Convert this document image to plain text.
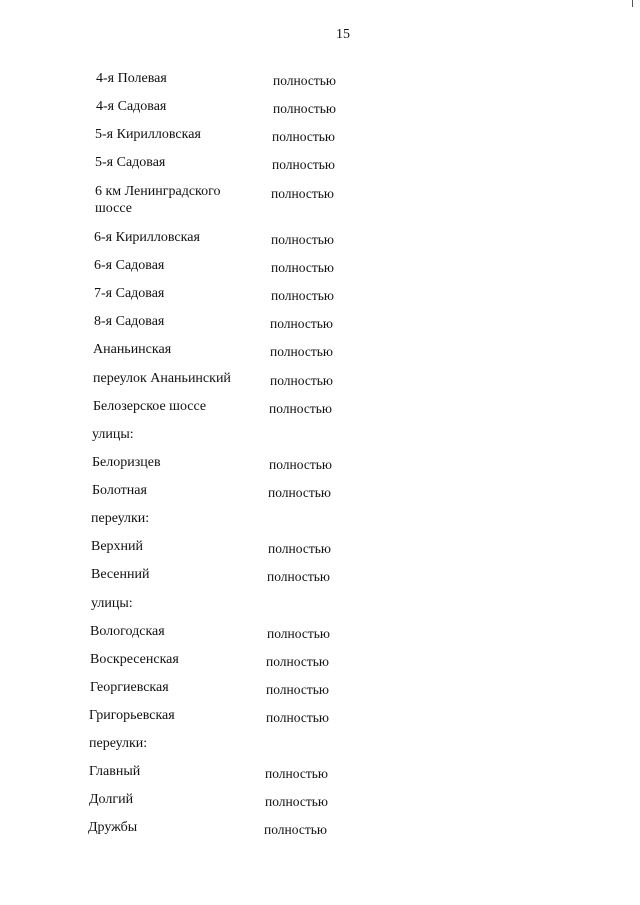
15
4-я Полевая	полностью
4-я Садовая	полностью
5-я Кирилловская	полностью
5-я Садовая	полностью
6 км Ленинградского шоссе
полностью
6-я Кирилловская	полностью
6-я Садовая	полностью
7-я Садовая	полностью
8-я Садовая	полностью
Ананьинская	полностью
переулок Ананьинский	полностью
Белозерское шоссе	полностью
улицы:
Белоризцев	полностью
Болотная	полностью
переулки:
Верхний	полностью
Весенний	полностью
улицы:
Вологодская	полностью
Воскресенская	полностью
Георгиевская	полностью
Григорьевская	полностью
переулки:
Главный	полностью
Долгий	полностью
Дружбы	полностью
